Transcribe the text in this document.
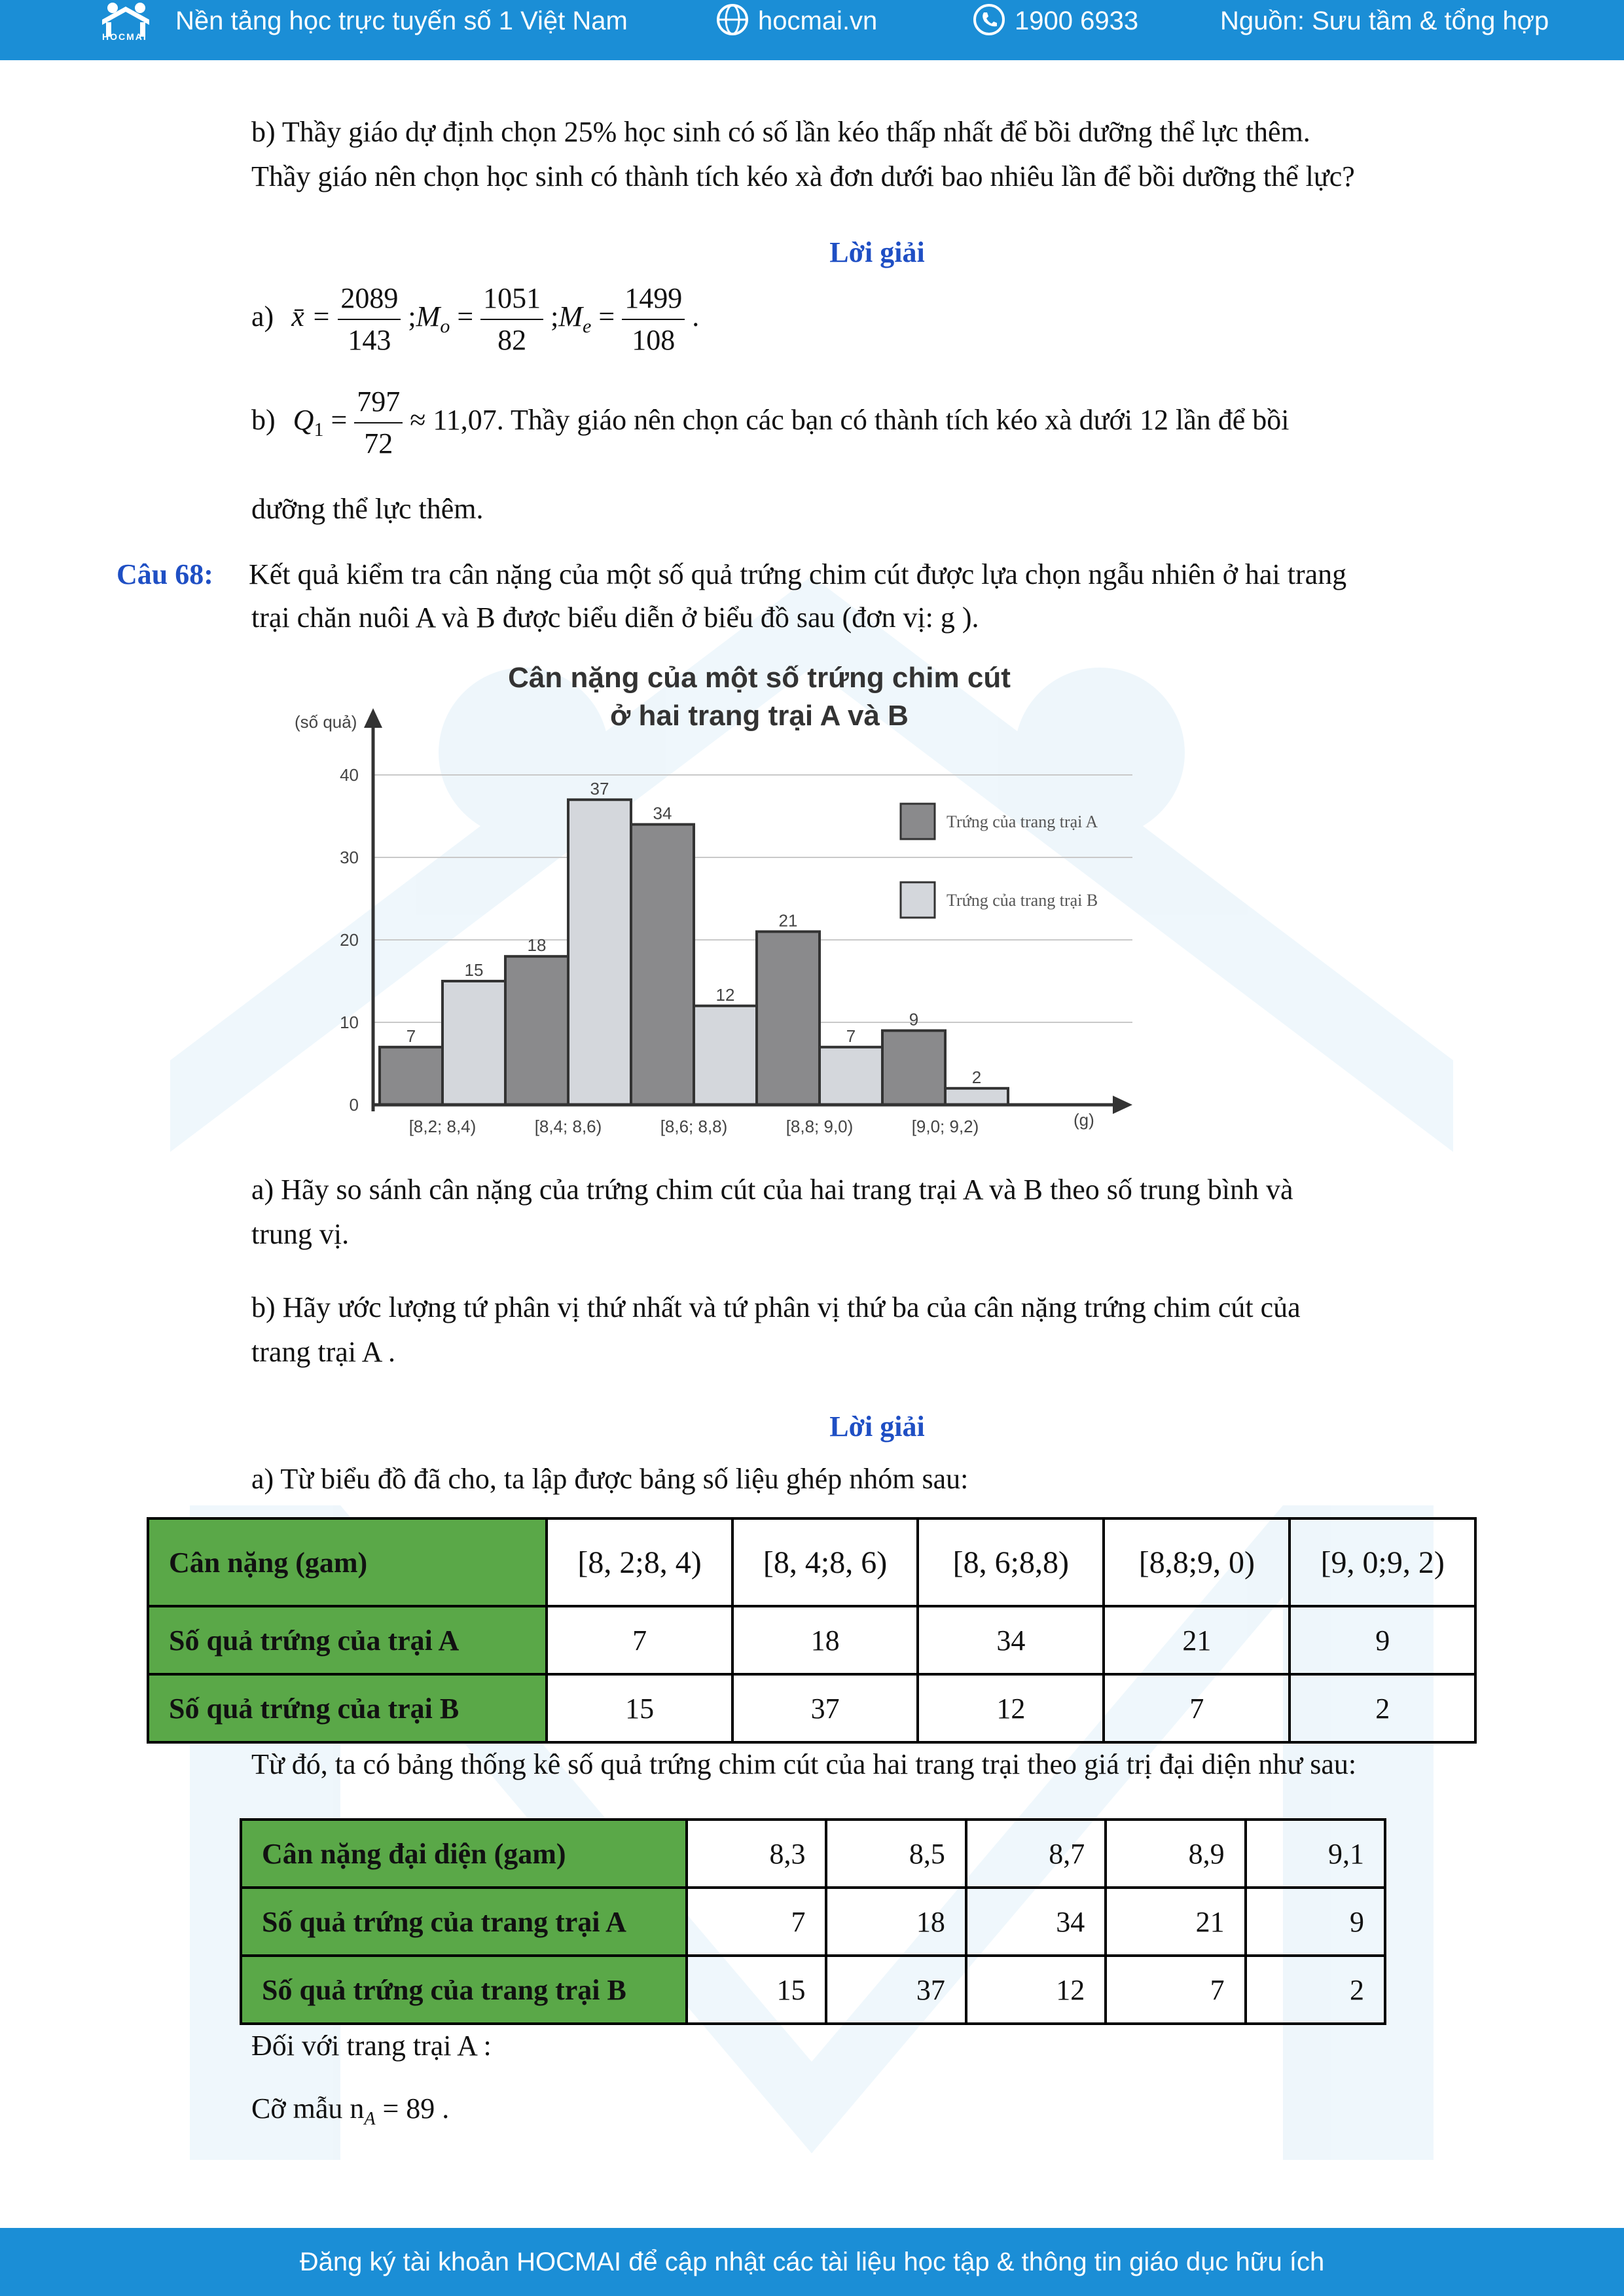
HOCMAI
Nền tảng học trực tuyến số 1 Việt Nam	hocmai.vn	1900 6933	Nguồn: Sưu tầm & tổng hợp
b) Thầy giáo dự định chọn 25% học sinh có số lần kéo thấp nhất để bồi dưỡng thể lực thêm.
Thầy giáo nên chọn học sinh có thành tích kéo xà đơn dưới bao nhiêu lần để bồi dưỡng thể lực?
Lời giải
a) x̄ = $\frac{2089}{143}$ $;M_o = \frac{1051}{82}$ $;M_e = \frac{1499}{108}$ .
b) $Q_1 = \frac{797}{72} \approx 11,07$. Thầy giáo nên chọn các bạn có thành tích kéo xà dưới 12 lần để bồi
dưỡng thể lực thêm.
Câu 68: Kết quả kiểm tra cân nặng của một số quả trứng chim cút được lựa chọn ngẫu nhiên ở hai trang
trại chăn nuôi A và B được biểu diễn ở biểu đồ sau (đơn vị: g ).
Cân nặng của một số trứng chim cút
ở hai trang trại A và B
(số quả)
(g)
0
10
20
30
40
7
15
[8,2; 8,4)
18
37
[8,4; 8,6)
34
12
[8,6; 8,8)
21
7
[8,8; 9,0)
9
2
[9,0; 9,2)
Trứng của trang trại A
Trứng của trang trại B
a) Hãy so sánh cân nặng của trứng chim cút của hai trang trại A và B theo số trung bình và
trung vị.
b) Hãy ước lượng tứ phân vị thứ nhất và tứ phân vị thứ ba của cân nặng trứng chim cút của
trang trại A .
Lời giải
a) Từ biểu đồ đã cho, ta lập được bảng số liệu ghép nhóm sau:
Cân nặng (gam)	[8, 2;8, 4)	[8, 4;8, 6)	[8, 6;8,8)	[8,8;9, 0)	[9, 0;9, 2)
Số quả trứng của trại A	7	18	34	21	9
Số quả trứng của trại B	15	37	12	7	2
Từ đó, ta có bảng thống kê số quả trứng chim cút của hai trang trại theo giá trị đại diện như sau:
Cân nặng đại diện (gam)	8,3	8,5	8,7	8,9	9,1
Số quả trứng của trang trại A	7	18	34	21	9
Số quả trứng của trang trại B	15	37	12	7	2
Đối với trang trại A :
Cỡ mẫu $n_A = 89$ .
Đăng ký tài khoản HOCMAI để cập nhật các tài liệu học tập & thông tin giáo dục hữu ích
